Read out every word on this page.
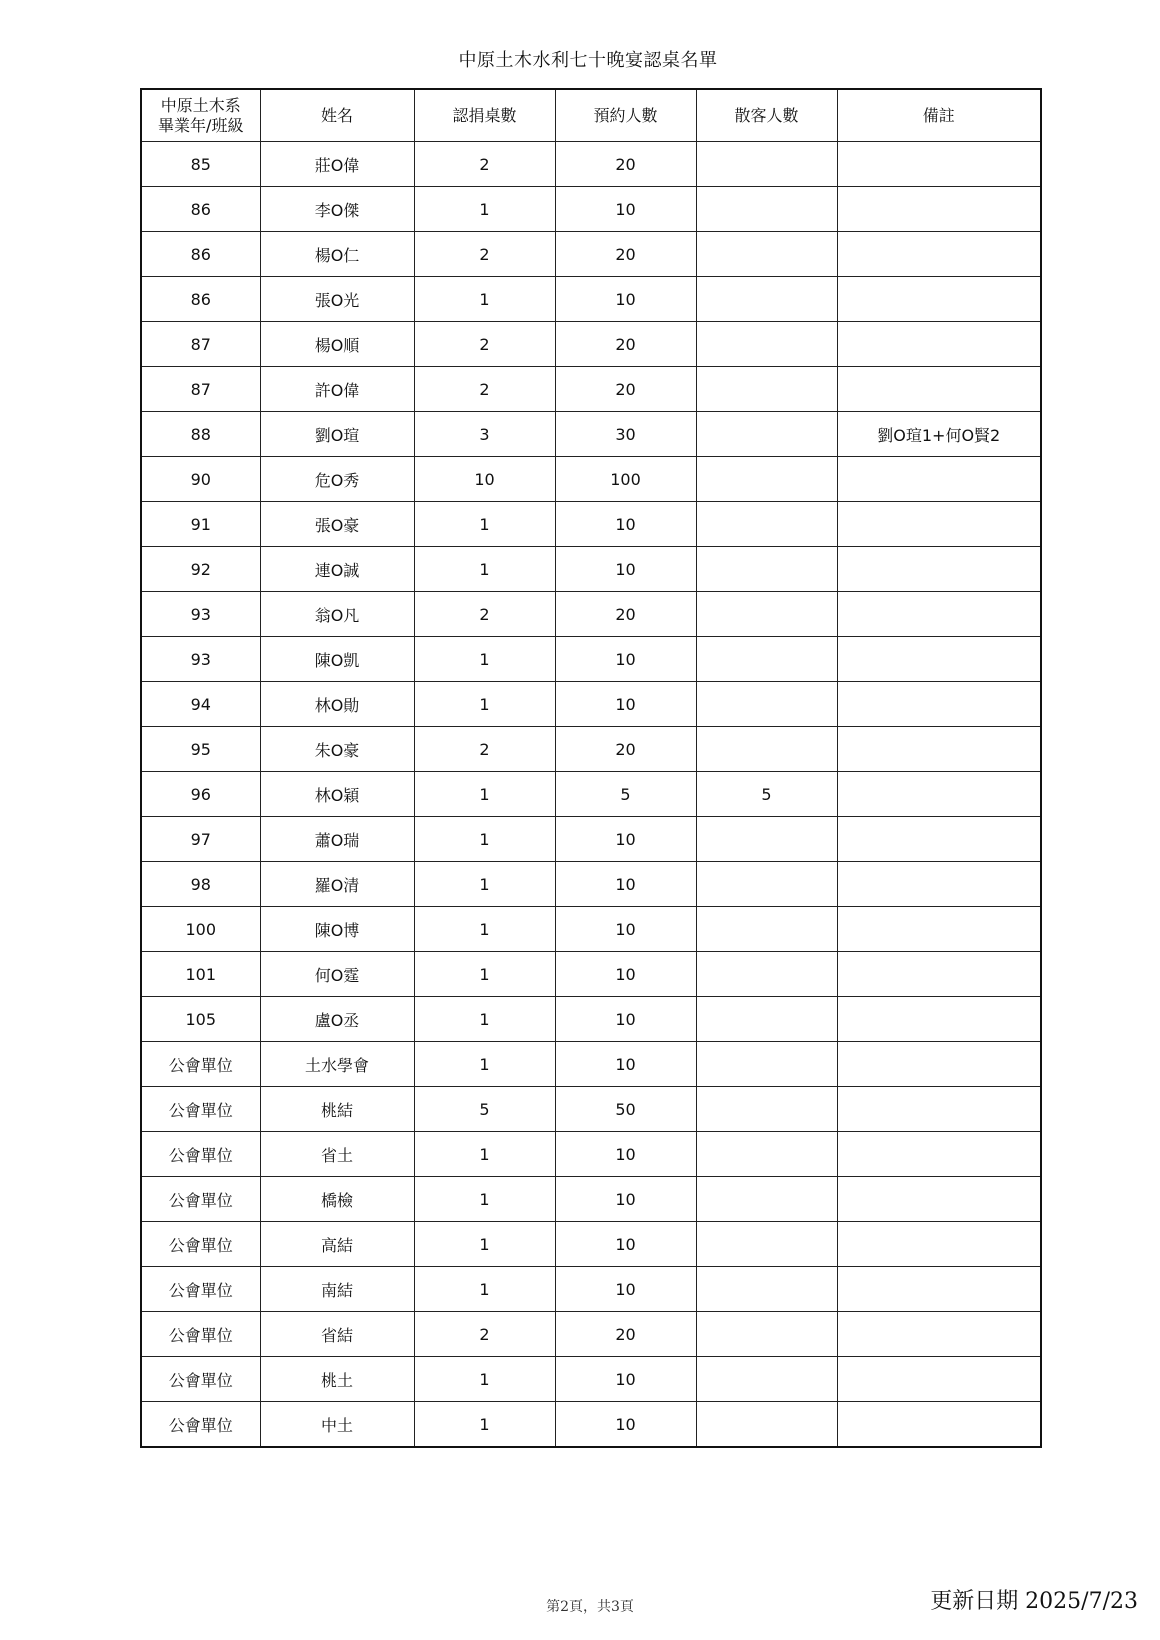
中原土木水利七十晚宴認桌名單
中原土木系
畢業年/班級	姓名	認捐桌數	預約人數	散客人數	備註
85	莊O偉	2	20		
86	李O傑	1	10		
86	楊O仁	2	20		
86	張O光	1	10		
87	楊O順	2	20		
87	許O偉	2	20		
88	劉O瑄	3	30		劉O瑄1+何O賢2
90	危O秀	10	100		
91	張O豪	1	10		
92	連O誠	1	10		
93	翁O凡	2	20		
93	陳O凱	1	10		
94	林O勛	1	10		
95	朱O豪	2	20		
96	林O穎	1	5	5	
97	蕭O瑞	1	10		
98	羅O清	1	10		
100	陳O博	1	10		
101	何O霆	1	10		
105	盧O丞	1	10		
公會單位	土水學會	1	10		
公會單位	桃結	5	50		
公會單位	省土	1	10		
公會單位	橋檢	1	10		
公會單位	高結	1	10		
公會單位	南結	1	10		
公會單位	省結	2	20		
公會單位	桃土	1	10		
公會單位	中土	1	10		
第2頁，共3頁	更新日期 2025/7/23
